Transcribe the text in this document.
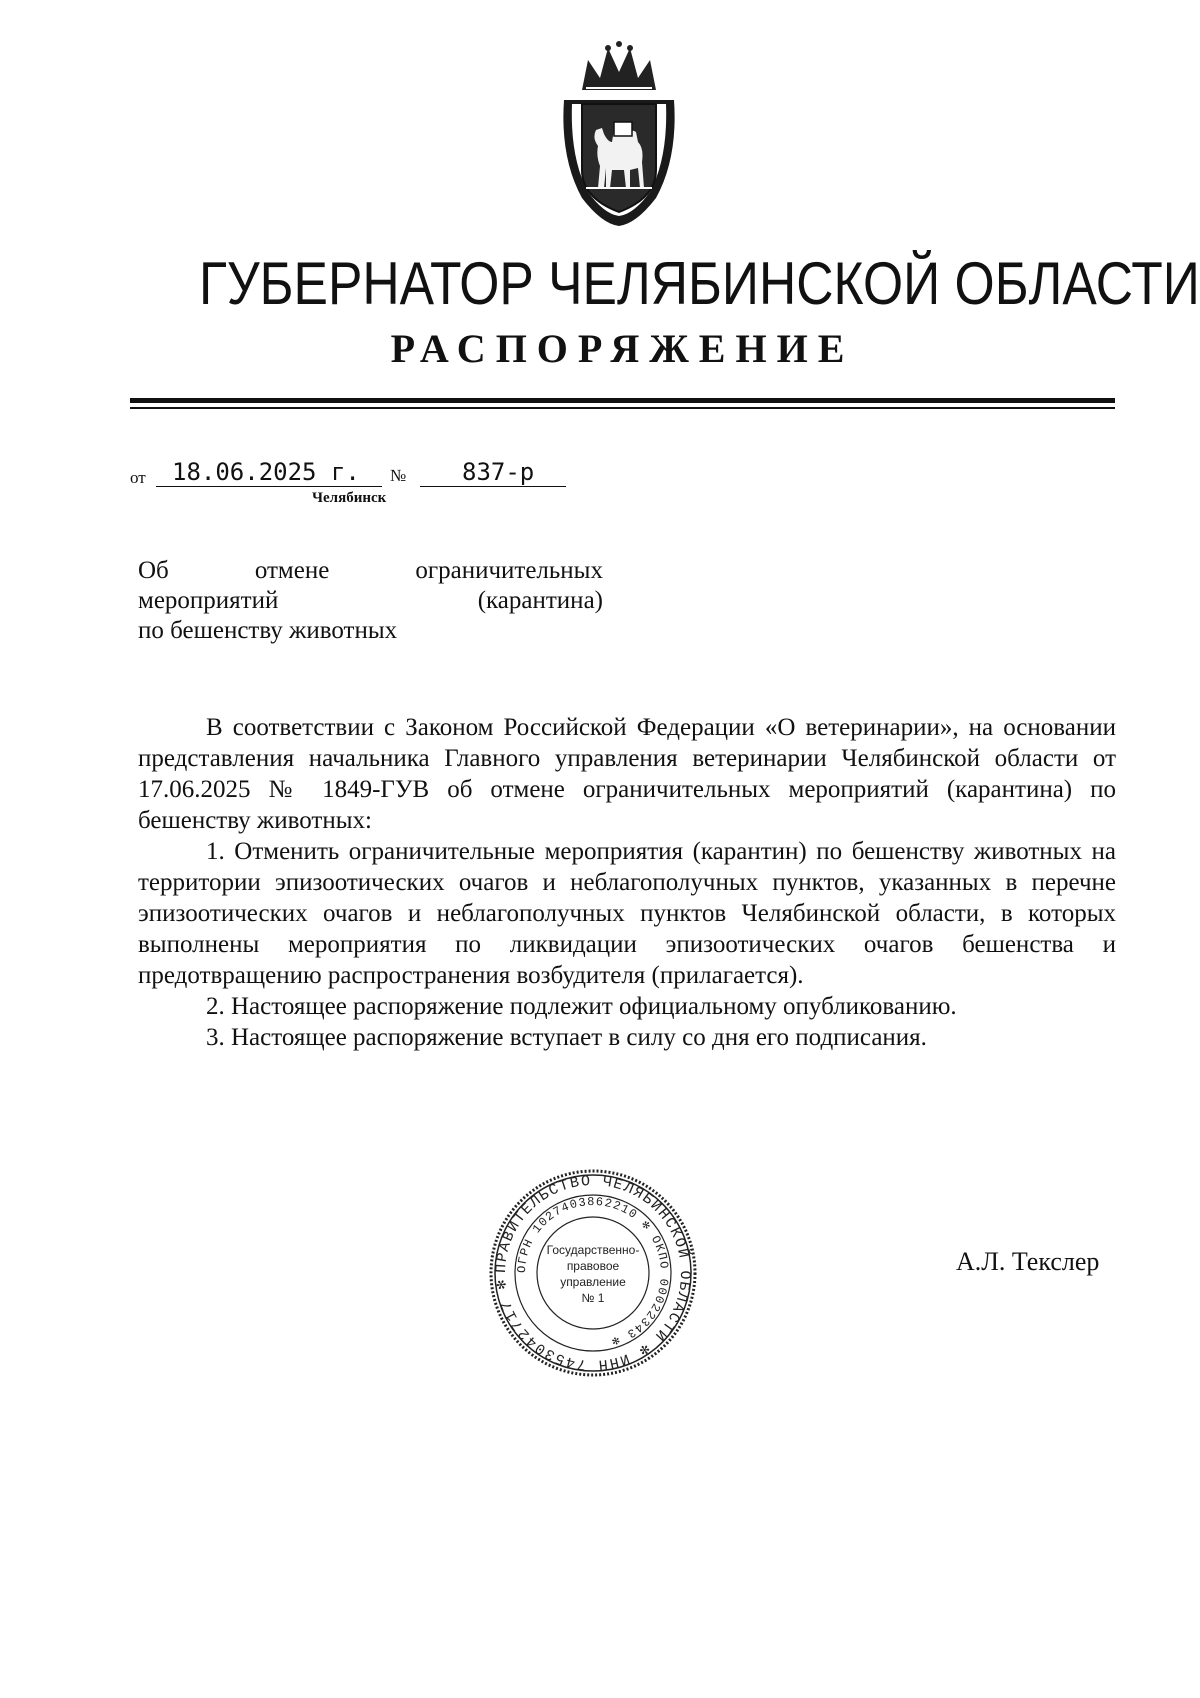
ГУБЕРНАТОР ЧЕЛЯБИНСКОЙ ОБЛАСТИ
РАСПОРЯЖЕНИЕ
от 18.06.2025 г. № 837-р
Челябинск
Об	отмене	ограничительных
мероприятий	(карантина)
по бешенству животных

В соответствии с Законом Российской Федерации «О ветеринарии», на основании представления начальника Главного управления ветеринарии Челябинской области от 17.06.2025 № 1849-ГУВ об отмене ограничительных мероприятий (карантина) по бешенству животных:

1. Отменить ограничительные мероприятия (карантин) по бешенству животных на территории эпизоотических очагов и неблагополучных пунктов, указанных в перечне эпизоотических очагов и неблагополучных пунктов Челябинской области, в которых выполнены мероприятия по ликвидации эпизоотических очагов бешенства и предотвращению распространения возбудителя (прилагается).

2. Настоящее распоряжение подлежит официальному опубликованию.

3. Настоящее распоряжение вступает в силу со дня его подписания.

ПРАВИТЕЛЬСТВО ЧЕЛЯБИНСКОЙ ОБЛАСТИ ✻ ИНН 7453042717 ✻
ОГРН 1027403862210 ✻ ОКПО 00022343 ✻
Государственно-
правовое
управление
№ 1
А.Л. Текслер
